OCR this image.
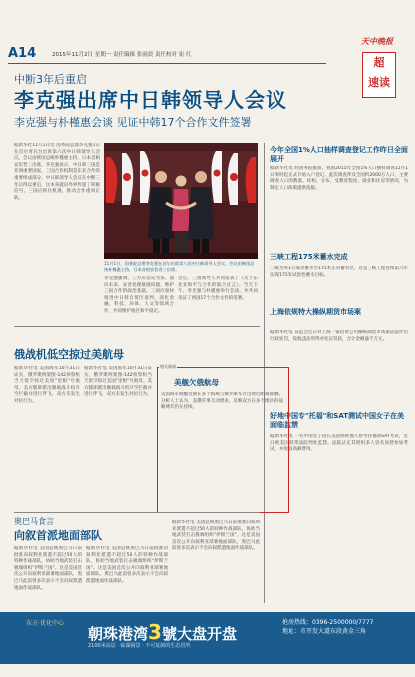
A14	2015年11月2日 星期一 责任编辑 张雨晨 责任校对 崔 红
天中晚报
超
速读
中断3年后重启
李克强出席中日韩领导人会议
李克强与朴槿惠会谈 见证中韩17个合作文件签署
据新华社11月1日电 国务院总理李克强1日在首尔青瓦台出席第六次中日韩领导人会议。会议由韩国总统朴槿惠主持，日本首相安倍晋三出席。李克强表示，中日韩三国是亚洲重要国家，三国合作机制是东亚合作的重要组成部分。中日韩领导人会议在中断三年后得以重启，这本身就向外界传递了积极信号。三国应抓住机遇，推动合作重回正轨。
11月1日，国务院总理李克强在首尔出席第六次中日韩领导人会议。会议由韩国总统朴槿惠主持，日本首相安倍晋三出席。
李克强强调，三方应以史为鉴、面向未来，妥善处理敏感问题，维护三国合作的政治基础。三国应加快推进中日韩自贸区谈判，深化金融、科技、环保、人文等领域合作，共同维护地区和平稳定。
会后，三国领导人共同发表了《关于东北亚和平与合作的联合宣言》。当天下午，李克强与朴槿惠举行会谈，并共同见证了两国17个合作文件的签署。
今年全国1%人口抽样调查登记工作昨日全面展开
据新华社电 经国务院批准，我国2015年全国1%人口抽样调查11月1日零时起正式开始入户登记。此次调查涉及全国约2000万人口，主要调查人口的数量、结构、分布、受教育程度、就业和住房等情况，为制定人口政策提供依据。
三峡工程175米蓄水完成
三峡水库1日成功蓄水至175米正常蓄水位，这是三峡工程连续第六年实现175米试验性蓄水目标。
上海依规特大操纵期货市场案
据新华社电 证监会近日对上海一家投资公司操纵期货市场案依法作出行政处罚，没收违法所得并处以罚款，合计金额逾千万元。
好地中国专"托福"和SAT测试中国女子在美面临监禁
据新华社电 一名中国女子因在美国协助他人替考托福和SAT考试，近日被美国联邦法院判处监禁。法院认定其组织多人冒名顶替参加考试，并收取高额费用。
俄战机低空掠过美航母
据新华社电 美国海军10月31日证实，俄罗斯两架图-142侦察机当天低空掠过美国"里根"号航母。美方随即派出舰载战斗机升空拦截并进行伴飞，双方未发生对抗行为。
据新华社电 美国海军10月31日证实，俄罗斯两架图-142侦察机当天低空掠过美国"里根"号航母。美方随即派出舰载战斗机升空拦截并进行伴飞，双方未发生对抗行为。
相关新闻
美舰欠俄航母
美国海军舰艇近期在多个海域与俄罗斯军方出现近距离接触。分析人士认为，美俄军事互动增多，反映双方在多个地区的战略博弈仍在持续。
奥巴马食言
向叙首派地面部队
据新华社电 美国总统奥巴马日前批准向叙利亚派遣不超过50人的特种作战部队，协助当地武装打击极端组织"伊斯兰国"。这是美国首次公开向叙利亚部署地面部队，奥巴马此前曾多次表示不会向叙派遣地面作战部队。
据新华社电 美国总统奥巴马日前批准向叙利亚派遣不超过50人的特种作战部队，协助当地武装打击极端组织"伊斯兰国"。这是美国首次公开向叙利亚部署地面部队，奥巴马此前曾多次表示不会向叙派遣地面作战部队。
据新华社电 美国总统奥巴马日前批准向叙利亚派遣不超过50人的特种作战部队，协助当地武装打击极端组织"伊斯兰国"。这是美国首次公开向叙利亚部署地面部队，奥巴马此前曾多次表示不会向叙派遣地面作战部队。
东方·优化中心
朝珠港湾3號大盘开盘
2100米高层 · 临湖阔景 · 不可复制的生态居所
抢房热线：0396-2500000/7777
地址：市开发大道东段黄金三角
